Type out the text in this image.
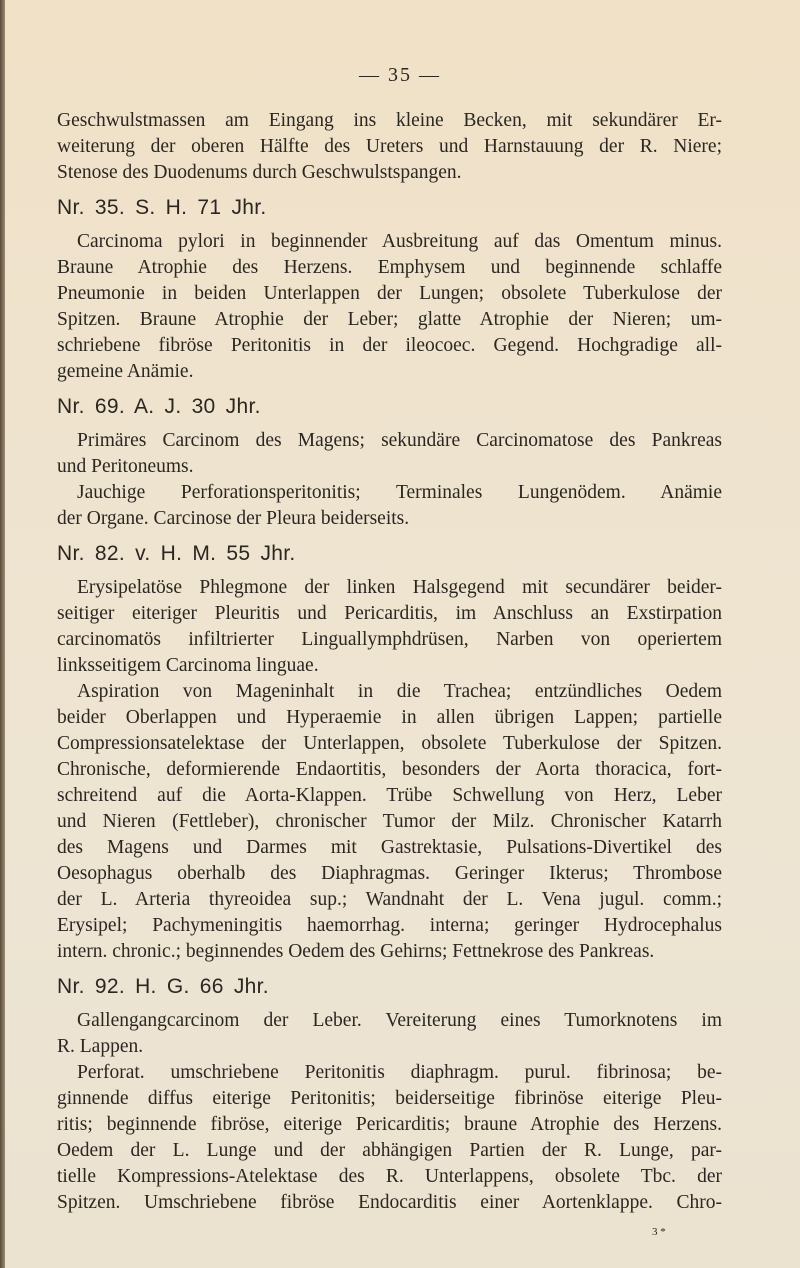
— 35 —
Geschwulstmassen am Eingang ins kleine Becken, mit sekundärer Er-
weiterung der oberen Hälfte des Ureters und Harnstauung der R. Niere;
Stenose des Duodenums durch Geschwulstspangen.
Nr. 35. S. H. 71 Jhr.
Carcinoma pylori in beginnender Ausbreitung auf das Omentum minus.
Braune Atrophie des Herzens. Emphysem und beginnende schlaffe
Pneumonie in beiden Unterlappen der Lungen; obsolete Tuberkulose der
Spitzen. Braune Atrophie der Leber; glatte Atrophie der Nieren; um-
schriebene fibröse Peritonitis in der ileocoec. Gegend. Hochgradige all-
gemeine Anämie.
Nr. 69. A. J. 30 Jhr.
Primäres Carcinom des Magens; sekundäre Carcinomatose des Pankreas
und Peritoneums.
Jauchige Perforationsperitonitis; Terminales Lungenödem. Anämie
der Organe. Carcinose der Pleura beiderseits.
Nr. 82. v. H. M. 55 Jhr.
Erysipelatöse Phlegmone der linken Halsgegend mit secundärer beider-
seitiger eiteriger Pleuritis und Pericarditis, im Anschluss an Exstirpation
carcinomatös infiltrierter Linguallymphdrüsen, Narben von operiertem
linksseitigem Carcinoma linguae.
Aspiration von Mageninhalt in die Trachea; entzündliches Oedem
beider Oberlappen und Hyperaemie in allen übrigen Lappen; partielle
Compressionsatelektase der Unterlappen, obsolete Tuberkulose der Spitzen.
Chronische, deformierende Endaortitis, besonders der Aorta thoracica, fort-
schreitend auf die Aorta-Klappen. Trübe Schwellung von Herz, Leber
und Nieren (Fettleber), chronischer Tumor der Milz. Chronischer Katarrh
des Magens und Darmes mit Gastrektasie, Pulsations-Divertikel des
Oesophagus oberhalb des Diaphragmas. Geringer Ikterus; Thrombose
der L. Arteria thyreoidea sup.; Wandnaht der L. Vena jugul. comm.;
Erysipel; Pachymeningitis haemorrhag. interna; geringer Hydrocephalus
intern. chronic.; beginnendes Oedem des Gehirns; Fettnekrose des Pankreas.
Nr. 92. H. G. 66 Jhr.
Gallengangcarcinom der Leber. Vereiterung eines Tumorknotens im
R. Lappen.
Perforat. umschriebene Peritonitis diaphragm. purul. fibrinosa; be-
ginnende diffus eiterige Peritonitis; beiderseitige fibrinöse eiterige Pleu-
ritis; beginnende fibröse, eiterige Pericarditis; braune Atrophie des Herzens.
Oedem der L. Lunge und der abhängigen Partien der R. Lunge, par-
tielle Kompressions-Atelektase des R. Unterlappens, obsolete Tbc. der
Spitzen. Umschriebene fibröse Endocarditis einer Aortenklappe. Chro-
3 *
